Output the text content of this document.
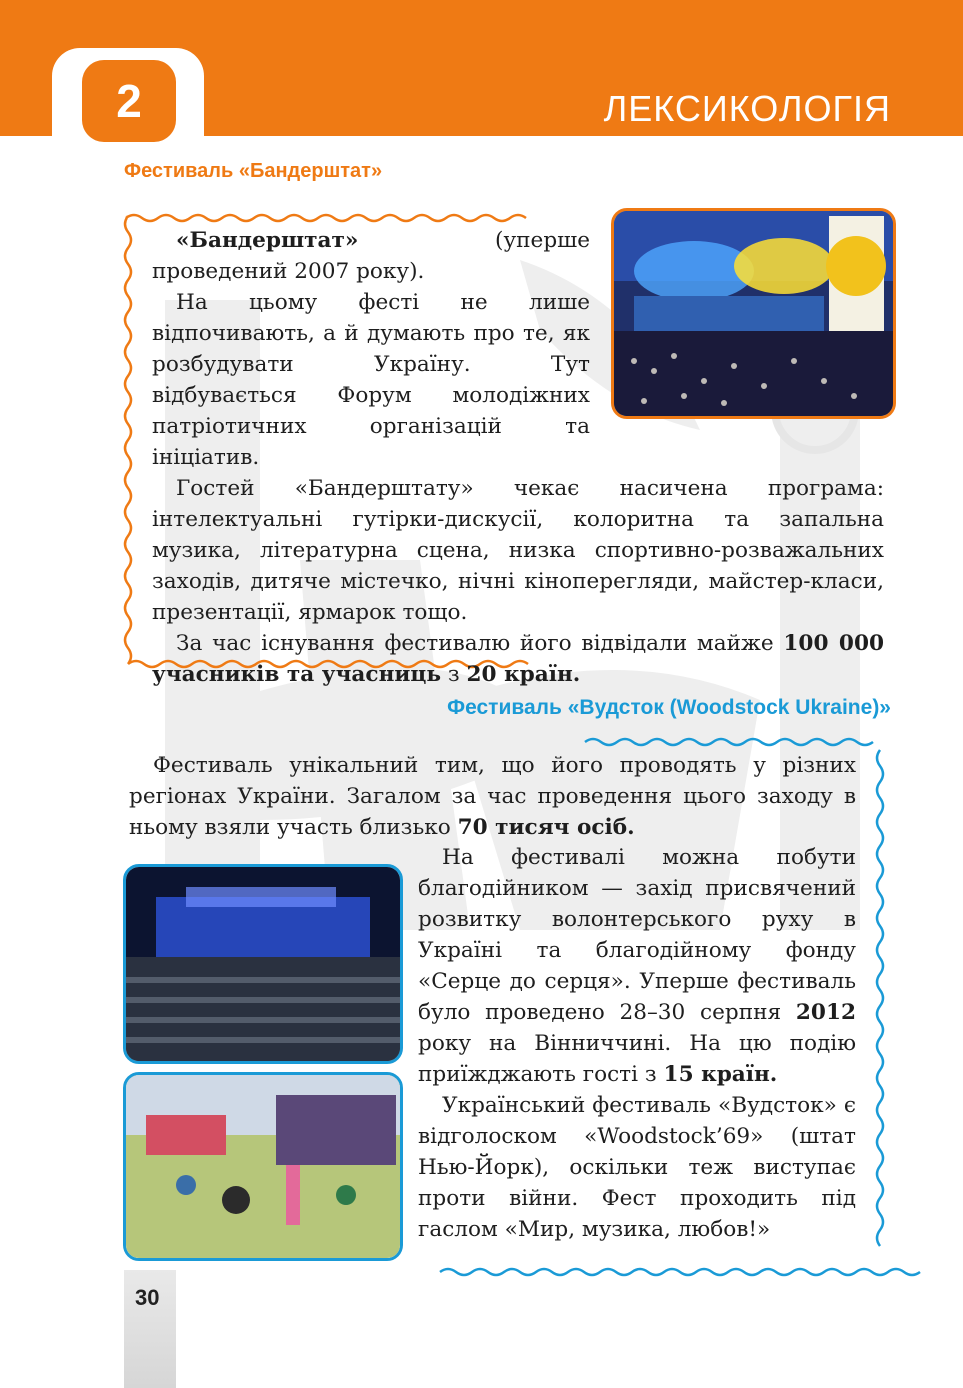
2	ЛЕКСИКОЛОГІЯ
Фестиваль «Бандерштат»

«Бандерштат» (уперше проведений 2007 року).

На цьому фесті не лише відпочивають, а й думають про те, як розбудувати Україну. Тут відбувається Форум молодіжних патріотичних організацій та ініціатив.

Гостей «Бандерштату» чекає насичена програма: інтелектуальні гутірки-дискусії, колоритна та запальна музика, літературна сцена, низка спортивно-розважальних заходів, дитяче містечко, нічні кіноперегляди, майстер-класи, презентації, ярмарок тощо.

За час існування фестивалю його відвідали майже 100 000 учасників та учасниць з 20 країн.

Фестиваль «Вудсток (Woodstock Ukraine)»

Фестиваль унікальний тим, що його проводять у різних регіонах України. Загалом за час проведення цього заходу в ньому взяли участь близько 70 тисяч осіб.

На фестивалі можна побути благодійником — захід присвячений розвитку волонтерського руху в Україні та благодійному фонду «Серце до серця». Уперше фестиваль було проведено 28–30 серпня 2012 року на Вінниччині. На цю подію приїжджають гості з 15 країн.

Український фестиваль «Вудсток» є відголоском «Woodstock’69» (штат Нью-Йорк), оскільки теж виступає проти війни. Фест проходить під гаслом «Мир, музика, любов!»

30
